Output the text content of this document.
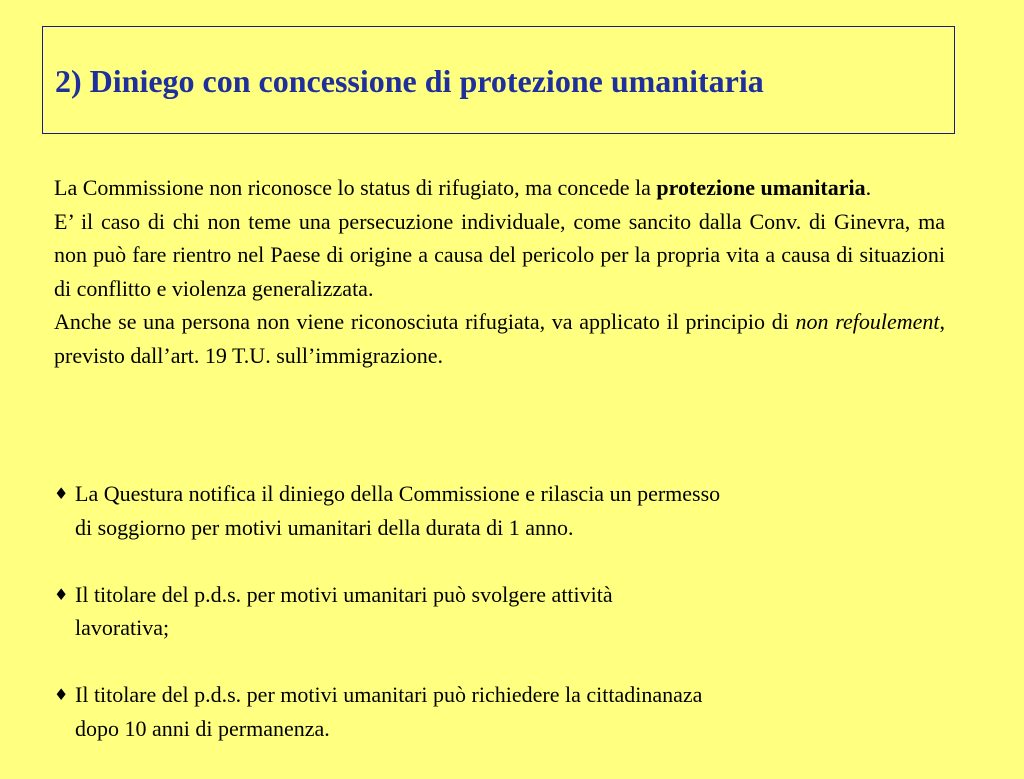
2) Diniego con concessione di protezione umanitaria

La Commissione non riconosce lo status di rifugiato, ma concede la protezione umanitaria.

E’ il caso di chi non teme una persecuzione individuale, come sancito dalla Conv. di Ginevra, ma non può fare rientro nel Paese di origine a causa del pericolo per la propria vita a causa di situazioni di conflitto e violenza generalizzata.

Anche se una persona non viene riconosciuta rifugiata, va applicato il principio di non refoulement, previsto dall’art. 19 T.U. sull’immigrazione.

♦ La Questura notifica il diniego della Commissione e rilascia un permesso
di soggiorno per motivi umanitari della durata di 1 anno.
♦ Il titolare del p.d.s. per motivi umanitari può svolgere attività
lavorativa;
♦ Il titolare del p.d.s. per motivi umanitari può richiedere la cittadinanaza
dopo 10 anni di permanenza.
